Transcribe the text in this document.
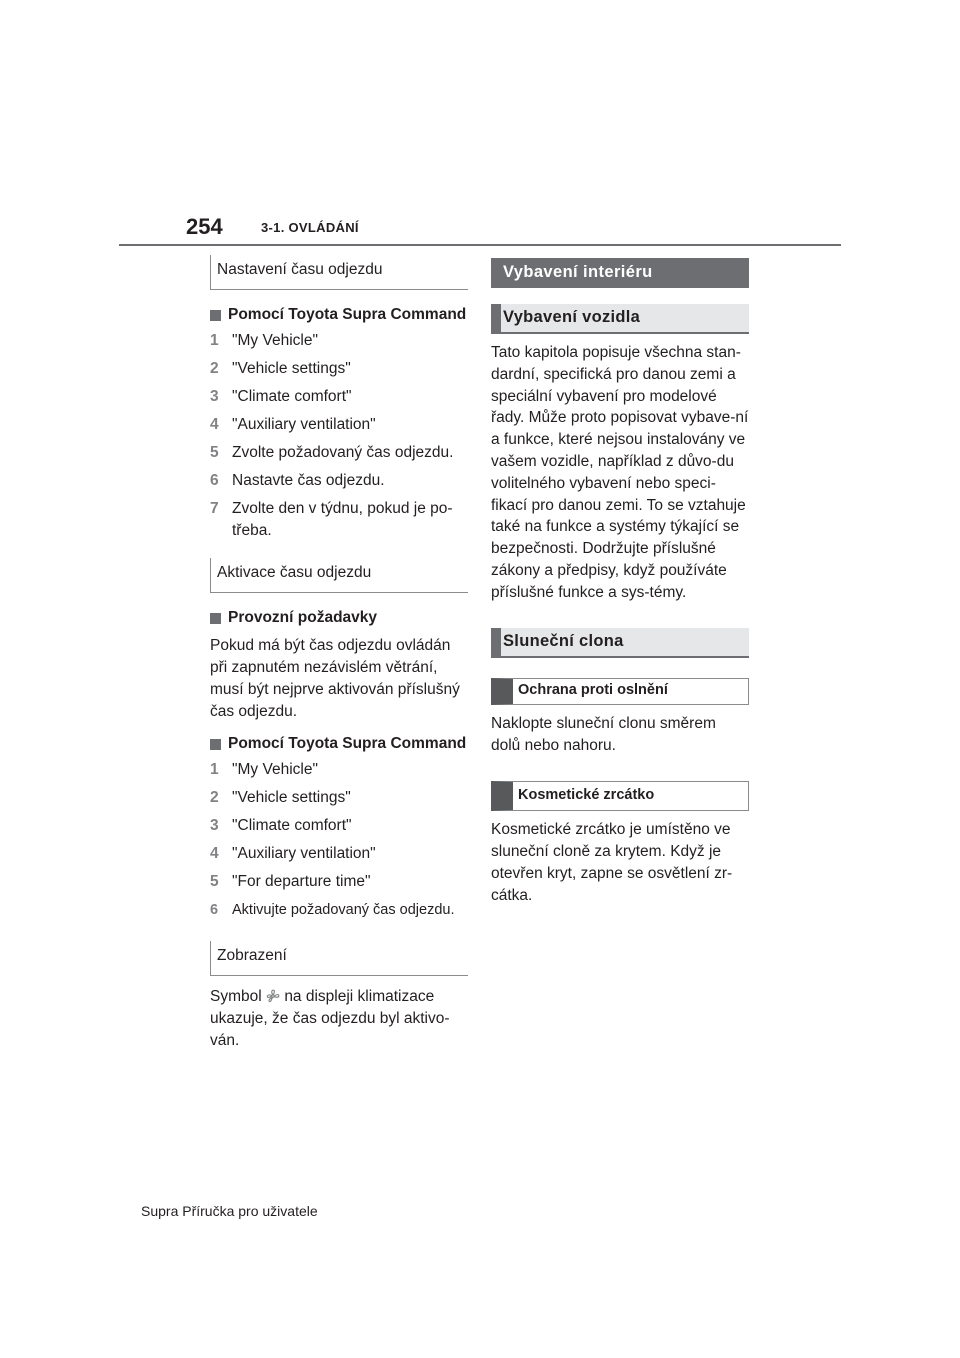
254	3-1. OVLÁDÁNÍ
Nastavení času odjezdu
Pomocí Toyota Supra Command
1 "My Vehicle"
2 "Vehicle settings"
3 "Climate comfort"
4 "Auxiliary ventilation"
5 Zvolte požadovaný čas odjezdu.
6 Nastavte čas odjezdu.
7 Zvolte den v týdnu, pokud je po-třeba.
Aktivace času odjezdu
Provozní požadavky

Pokud má být čas odjezdu ovládán při zapnutém nezávislém větrání, musí být nejprve aktivován příslušný čas odjezdu.

Pomocí Toyota Supra Command
1 "My Vehicle"
2 "Vehicle settings"
3 "Climate comfort"
4 "Auxiliary ventilation"
5 "For departure time"
6 Aktivujte požadovaný čas odjezdu.
Zobrazení

Symbol na displeji klimatizace ukazuje, že čas odjezdu byl aktivo-ván.

Vybavení interiéru
Vybavení vozidla

Tato kapitola popisuje všechna stan-dardní, specifická pro danou zemi a speciální vybavení pro modelové řady. Může proto popisovat vybave-ní a funkce, které nejsou instalovány ve vašem vozidle, například z důvo-du volitelného vybavení nebo speci-fikací pro danou zemi. To se vztahuje také na funkce a systémy týkající se bezpečnosti. Dodržujte příslušné zákony a předpisy, když používáte příslušné funkce a sys-témy.

Sluneční clona
Ochrana proti oslnění

Naklopte sluneční clonu směrem dolů nebo nahoru.

Kosmetické zrcátko

Kosmetické zrcátko je umístěno ve sluneční cloně za krytem. Když je otevřen kryt, zapne se osvětlení zr-cátka.

Supra Příručka pro uživatele
